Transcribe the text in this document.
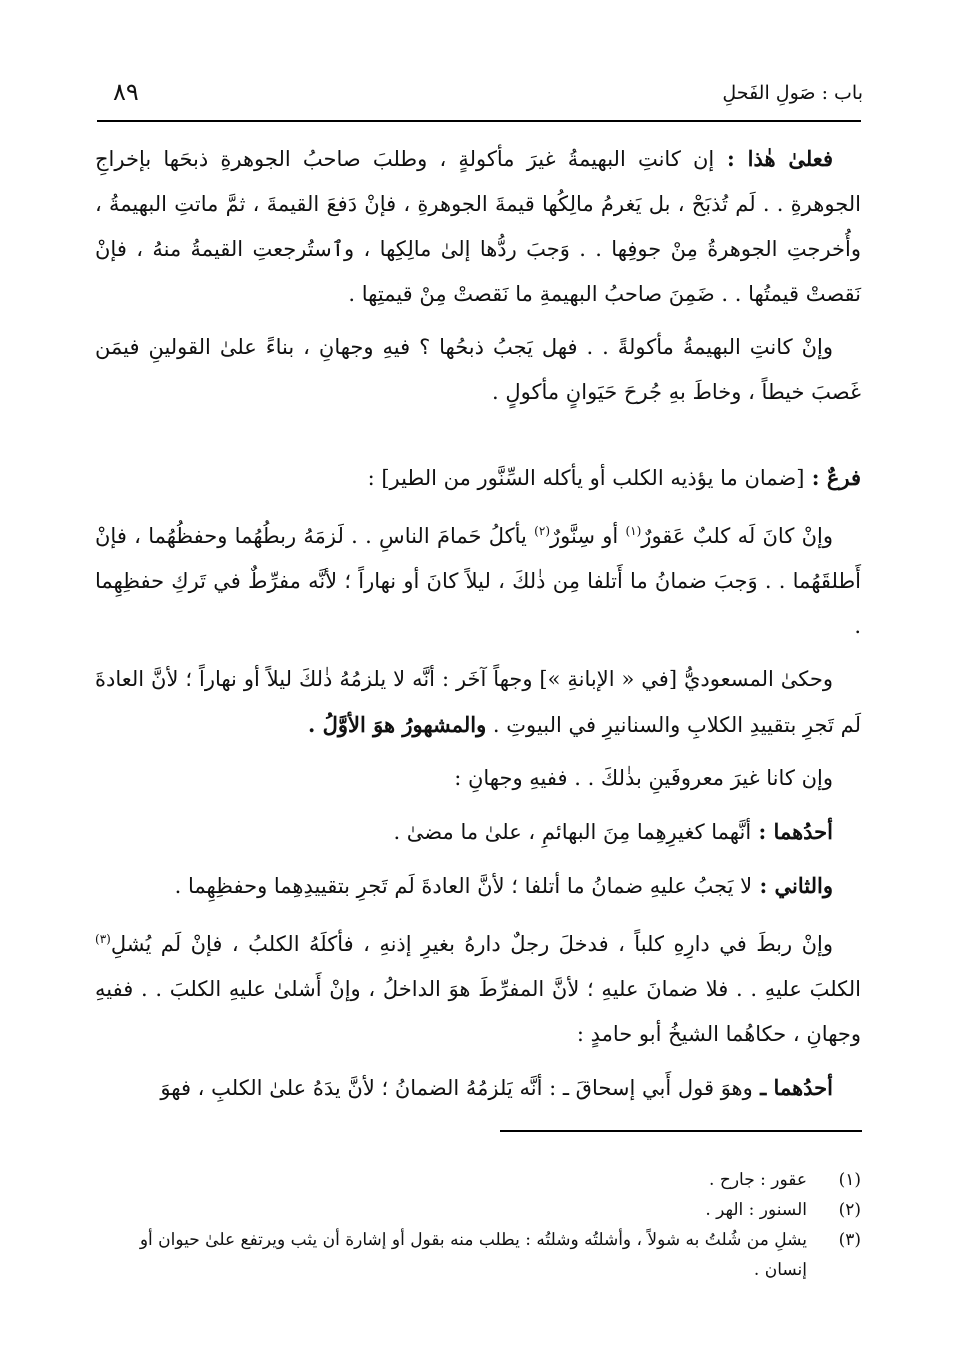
باب : صَولِ الفَحلِ
٨٩

فعلىٰ هٰذا : إن كانتِ البهيمةُ غيرَ مأكولةٍ ، وطلبَ صاحبُ الجوهرةِ ذبحَها بإخراجِ الجوهرةِ . . لَم تُذبَحْ ، بل يَغرمُ مالِكُها قيمةَ الجوهرةِ ، فإنْ دَفعَ القيمةَ ، ثمَّ ماتتِ البهيمةُ ، وأُخرجتِ الجوهرةُ مِنْ جوفِها . . وَجبَ ردُّها إلىٰ مالِكِها ، وٱستُرجعتِ القيمةُ منهُ ، فإنْ نَقصتْ قيمتُها . . ضَمِنَ صاحبُ البهيمةِ ما نَقصتْ مِنْ قيمتِها .

وإنْ كانتِ البهيمةُ مأكولةً . . فهل يَجبُ ذبحُها ؟ فيهِ وجهانِ ، بناءً علىٰ القولينِ فيمَن غَصبَ خيطاً ، وخاطَ بهِ جُرحَ حَيَوانٍ مأكولٍ .

فرعٌ : [ضمان ما يؤذيه الكلب أو يأكله السِّنَّور من الطير] :

وإنْ كانَ لَه كلبٌ عَقورٌ$^{(١)}$ أو سِنَّورٌ$^{(٢)}$ يأكلُ حَمامَ الناسِ . . لَزمَهُ ربطُهُما وحفظُهُما ، فإنْ أَطلقَهُما . . وَجبَ ضمانُ ما أَتلفا مِن ذٰلكَ ، ليلاً كانَ أو نهاراً ؛ لأنَّه مفرِّطٌ في تَركِ حفظِهِما .

وحكىٰ المسعوديُّ [في « الإبانةِ »] وجهاً آخَر : أنَّه لا يلزمُهُ ذٰلكَ ليلاً أو نهاراً ؛ لأنَّ العادةَ لَم تَجرِ بتقييدِ الكلابِ والسنانيرِ في البيوتِ . والمشهورُ هوَ الأوَّلُ .

وإن كانا غيرَ معروفَينِ بذٰلكَ . . ففيهِ وجهانِ :

أحدُهما : أنَّهما كغيرِهِما مِنَ البهائمِ ، علىٰ ما مضىٰ .

والثاني : لا يَجبُ عليهِ ضمانُ ما أتلفا ؛ لأنَّ العادةَ لَم تَجرِ بتقييدِهِما وحفظِهِما .

وإنْ ربطَ في دارِهِ كلباً ، فدخلَ رجلٌ دارهُ بغيرِ إذنهِ ، فأكلَهُ الكلبُ ، فإنْ لَم يُشلِ$^{(٣)}$ الكلبَ عليهِ . . فلا ضمانَ عليهِ ؛ لأنَّ المفرِّطَ هوَ الداخلُ ، وإنْ أَشلىٰ عليهِ الكلبَ . . ففيهِ وجهانِ ، حكاهُما الشيخُ أبو حامدٍ :

أحدُهما ـ وهوَ قول أَبي إسحاقَ ـ : أنَّه يَلزمُهُ الضمانُ ؛ لأنَّ يدَهُ علىٰ الكلبِ ، فهوَ

(١)
عقور : جارح .
(٢)
السنور : الهر .
(٣)
يشلِ من شُلتُ به شولاً ، وأشلتُه وشلتُه : يطلب منه بقول أو إشارة أن يثب ويرتفع علىٰ حيوان أو إنسان .
